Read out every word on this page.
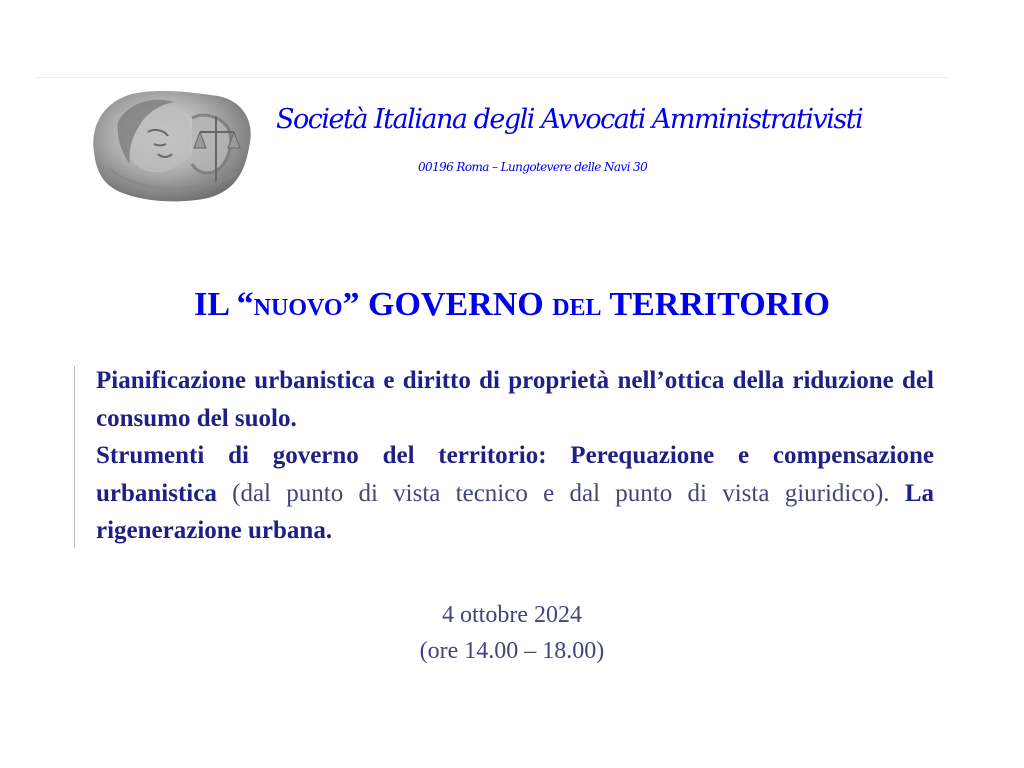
Società Italiana degli Avvocati Amministrativisti
00196 Roma – Lungotevere delle Navi 30
IL “nuovo” GOVERNO del TERRITORIO
Pianificazione urbanistica e diritto di proprietà nell’ottica della riduzione del consumo del suolo.
Strumenti di governo del territorio: Perequazione e compensazione urbanistica (dal punto di vista tecnico e dal punto di vista giuridico). La rigenerazione urbana.
4 ottobre 2024
(ore 14.00 – 18.00)
